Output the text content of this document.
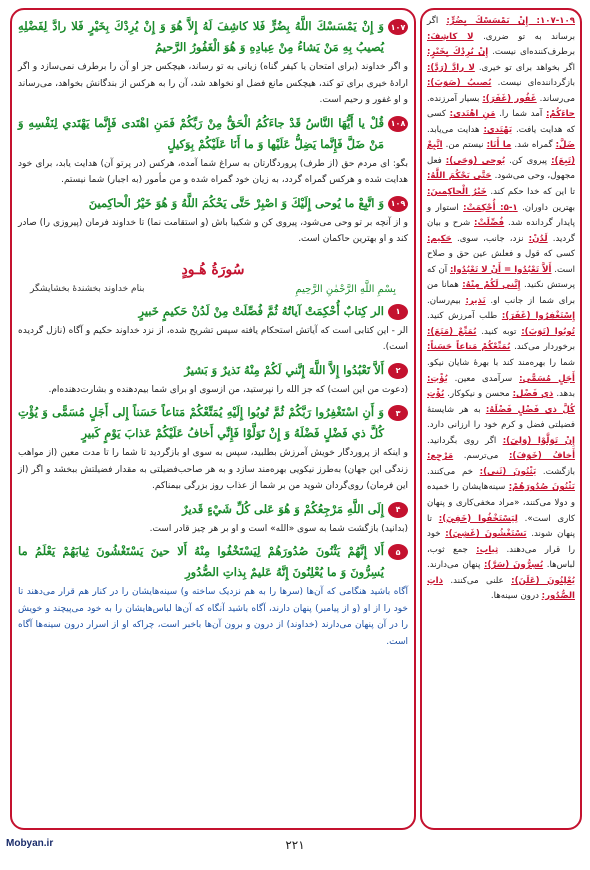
۱۰۷
وَ إِنْ يَمْسَسْكَ اللَّهُ بِضُرٍّ فَلا كاشِفَ لَهُ إِلاَّ هُوَ وَ إِنْ يُرِدْكَ بِخَيْرٍ فَلا رادَّ لِفَضْلِهِ يُصيبُ بِهِ مَنْ يَشاءُ مِنْ عِبادِهِ وَ هُوَ الْغَفُورُ الرَّحيمُ
و اگر خداوند (برای امتحان یا کیفر گناه) زیانی به تو رساند، هیچکس جز او آن را برطرف نمی‌سازد و اگر ارادهٔ خیری برای تو کند، هیچکس مانع فضل او نخواهد شد، آن را به هرکس از بندگانش بخواهد، می‌رساند و او غفور و رحیم است.
۱۰۸
قُلْ يا أَيُّهَا النَّاسُ قَدْ جاءَكُمُ الْحَقُّ مِنْ رَبِّكُمْ فَمَنِ اهْتَدى فَإِنَّما يَهْتَدي لِنَفْسِهِ وَ مَنْ ضَلَّ فَإِنَّما يَضِلُّ عَلَيْها وَ ما أَنَا عَلَيْكُمْ بِوَكيلٍ
بگو: ای مردم حق (از طرف) پروردگارتان به سراغ شما آمده، هرکس (در پرتو آن) هدایت یابد، برای خود هدایت شده و هرکس گمراه گردد، به زیان خود گمراه شده و من مأمور (به اجبار) شما نیستم.
۱۰۹
وَ اتَّبِعْ ما يُوحى إِلَيْكَ وَ اصْبِرْ حَتَّى يَحْكُمَ اللَّهُ وَ هُوَ خَيْرُ الْحاكِمينَ
و از آنچه بر تو وحی می‌شود، پیروی کن و شکیبا باش (و استقامت نما) تا خداوند فرمان (پیروزی را) صادر کند و او بهترین حاکمان است.
سُورَةُ هُـودٍ
بِسْمِ اللَّهِ الرَّحْمٰنِ الرَّحِيمِ
بنام خداوند بخشندهٔ بخشایشگر
۱
الر كِتابٌ أُحْكِمَتْ آياتُهُ ثُمَّ فُصِّلَتْ مِنْ لَدُنْ حَكيمٍ خَبيرٍ
الر - این کتابی است که آیاتش استحکام یافته سپس تشریح شده، از نزد خداوند حکیم و آگاه (نازل گردیده است).
۲
أَلاَّ تَعْبُدُوا إِلاَّ اللَّهَ إِنَّني لَكُمْ مِنْهُ نَذيرٌ وَ بَشيرٌ
(دعوت من این است) که جز الله را نپرستید، من ازسوی او برای شما بیم‌دهنده و بشارت‌دهنده‌ام.
۳
وَ أَنِ اسْتَغْفِرُوا رَبَّكُمْ ثُمَّ تُوبُوا إِلَيْهِ يُمَتِّعْكُمْ مَتاعاً حَسَناً إِلى أَجَلٍ مُسَمًّى وَ يُؤْتِ كُلَّ ذي فَضْلٍ فَضْلَهُ وَ إِنْ تَوَلَّوْا فَإِنِّي أَخافُ عَلَيْكُمْ عَذابَ يَوْمٍ كَبيرٍ
و اینکه از پروردگار خویش آمرزش بطلبید، سپس به سوی او بازگردید تا شما را تا مدت معین (از مواهب زندگی این جهان) به‌طرز نیکویی بهره‌مند سازد و به هر صاحب‌فضیلتی به مقدار فضیلتش ببخشد و اگر (از این فرمان) روی‌گردان شوید من بر شما از عذاب روز بزرگی بیمناکم.
۴
إِلَى اللَّهِ مَرْجِعُكُمْ وَ هُوَ عَلى كُلِّ شَيْءٍ قَديرٌ
(بدانید) بازگشت شما به سوی «الله» است و او بر هر چیز قادر است.
۵
أَلا إِنَّهُمْ يَثْنُونَ صُدُورَهُمْ لِيَسْتَخْفُوا مِنْهُ أَلا حينَ يَسْتَغْشُونَ ثِيابَهُمْ يَعْلَمُ ما يُسِرُّونَ وَ ما يُعْلِنُونَ إِنَّهُ عَليمٌ بِذاتِ الصُّدُورِ
آگاه باشید هنگامی که آن‌ها (سرها را به هم نزدیک ساخته و) سینه‌هایشان را در کنار هم قرار می‌دهند تا خود را از او (و از پیامبر) پنهان دارند، آگاه باشید آنگاه که آن‌ها لباس‌هایشان را به خود می‌پیچند و خویش را در آن پنهان می‌دارند (خداوند) از درون و برون آن‌ها باخبر است، چراکه او از اسرار درون سینه‌ها آگاه است.
۱۰۷-۱۰۹: إِنْ يَمْسَسْكَ بِضُرٍّ: اگر برساند به تو ضرری. لا كاشِفَ: برطرف‌کننده‌ای نیست. إِنْ يُرِدْكَ بِخَيْرٍ: اگر بخواهد برای تو خیری. لا رادَّ (رَدَّ): بازگرداننده‌ای نیست. يُصيبُ (صَوَبَ): می‌رساند. غَفُور (غَفَرَ): بسیار آمرزنده. جاءَكُمْ: آمد شما را. مَنِ اهْتَدى: کسی که هدایت یافت. يَهْتَدي: هدایت می‌یابد. ضَلَّ: گمراه شد. ما أَنَا: نیستم من. اتَّبِعْ (تَبِعَ): پیروی کن. يُوحى (وَحَى): فعل مجهول، وحی می‌شود. حَتَّى يَحْكُمَ اللَّهُ: تا این که خدا حکم کند. خَيْرُ الْحاكِمينَ: بهترین داوران. ۱-۵: أُحْكِمَتْ: استوار و پایدار گردانده شد. فُصِّلَتْ: شرح و بیان گردید. لَدُنْ: نزد، جانب، سوی. حَكيم: کسی که قول و فعلش عین حق و صلاح است. أَلاَّ تَعْبُدُوا = أَنْ لا تَعْبُدُوا: آن که پرستش نکنید. إِنَّني لَكُمْ مِنْهُ: همانا من برای شما از جانب او. نَذير: بیم‌رسان. إِسْتَغْفِرُوا (غَفَرَ): طلب آمرزش کنید. تُوبُوا (تَوَبَ): توبه کنید. يُمَتِّعْ (مَتَعَ): برخوردار می‌کند. يُمَتِّعْكُمْ مَتاعاً حَسَناً: شما را بهره‌مند کند با بهرهٔ شایان نیکو. أَجَلٍ مُسَمًّى: سرآمدی معین. يُؤْتِ: بدهد. ذي فَضْل: محسن و نیکوکار. يُؤْتِ كُلَّ ذي فَضْلٍ فَضْلَهُ: به هر شایستهٔ فضیلتی فضل و کرم خود را ارزانی دارد. إِنْ تَوَلَّوْا (وَلِيَ): اگر روی بگردانید. أَخافُ (خَوَفَ): می‌ترسم. مَرْجِع: بازگشت. يَثْنُونَ (ثَنى): خم می‌کنند. يَثْنُونَ صُدُورَهُمْ: سینه‌هایشان را خمیده و دولا می‌کنند، «مراد مخفی‌کاری و پنهان کاری است». لِيَسْتَخْفُوا (خَفِيَ): تا پنهان شوند. يَسْتَغْشُونَ (غَشِيَ): خود را قرار می‌دهند. ثِياب: جمع ثوب، لباس‌ها. يُسِرُّونَ (سَرَّ): پنهان می‌دارند. يُعْلِنُونَ (عَلَنَ): علنی می‌کنند. ذاتِ الصُّدُور: درون سینه‌ها.
Mobyan.ir	۲۲۱
